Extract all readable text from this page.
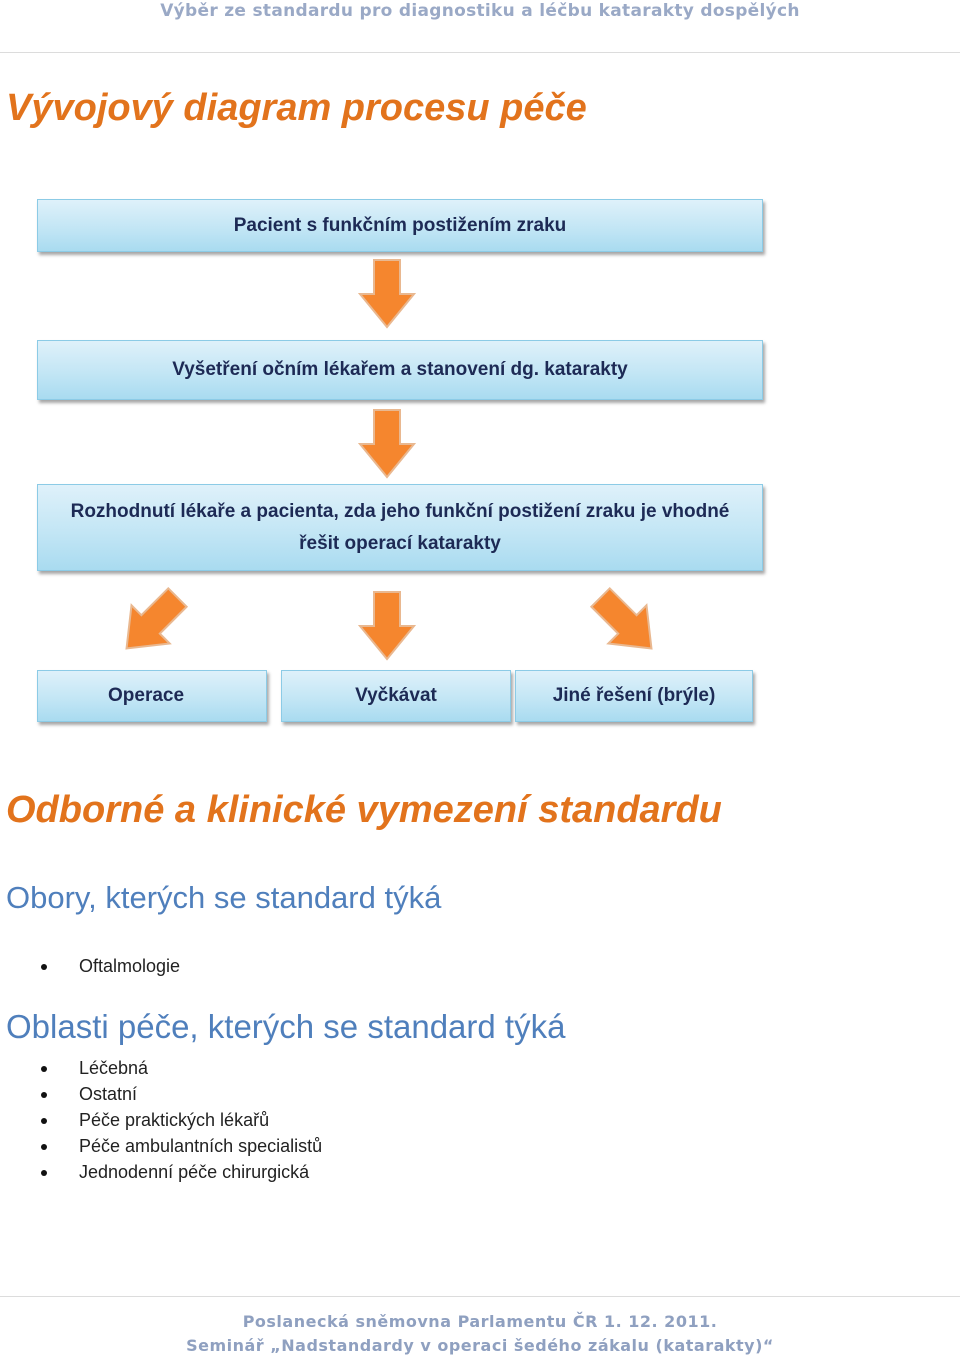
Výběr ze standardu pro diagnostiku a léčbu katarakty dospělých
Vývojový diagram procesu péče
Pacient s funkčním postižením zraku
Vyšetření očním lékařem a stanovení dg. katarakty
Rozhodnutí lékaře a pacienta, zda jeho funkční postižení zraku je vhodné řešit operací katarakty
Operace	Vyčkávat	Jiné řešení (brýle)
Odborné a klinické vymezení standardu
Obory, kterých se standard týká
Oftalmologie
Oblasti péče, kterých se standard týká
Léčebná
Ostatní
Péče praktických lékařů
Péče ambulantních specialistů
Jednodenní péče chirurgická
Poslanecká sněmovna Parlamentu ČR 1. 12. 2011.
Seminář „Nadstandardy v operaci šedého zákalu (katarakty)“
